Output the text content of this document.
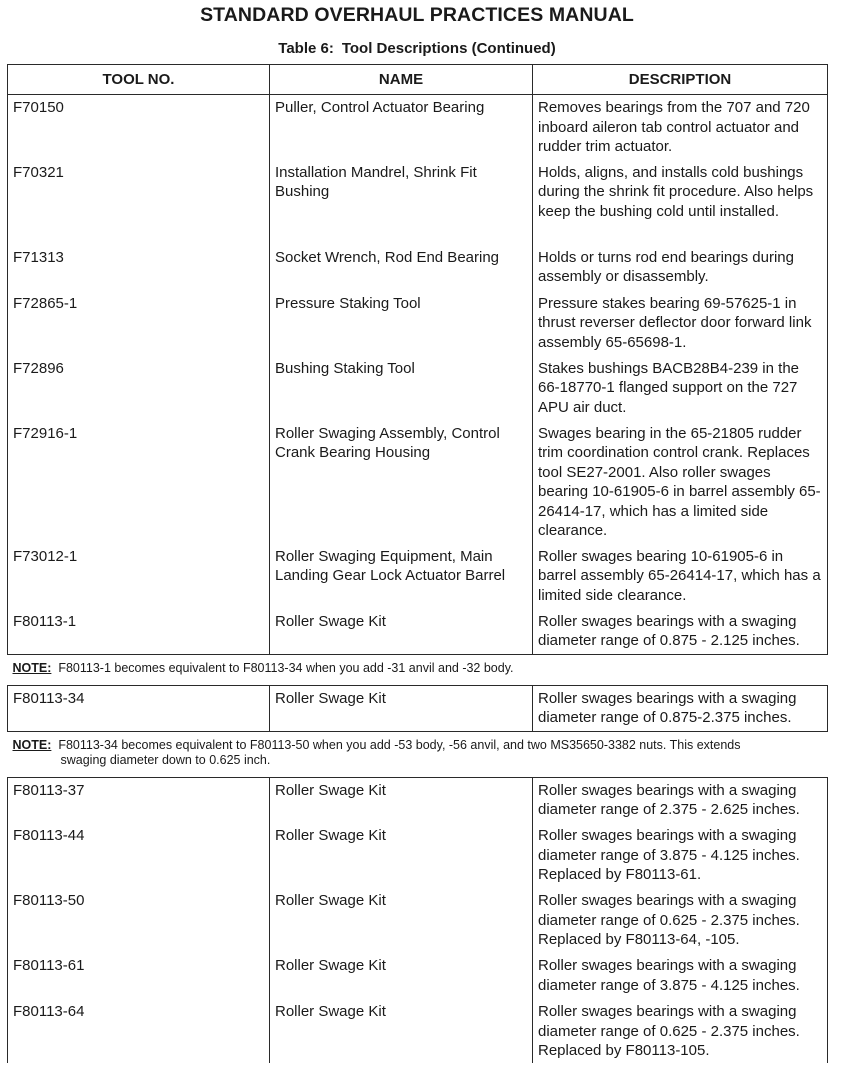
STANDARD OVERHAUL PRACTICES MANUAL
Table 6: Tool Descriptions (Continued)
TOOL NO.	NAME	DESCRIPTION
F70150	Puller, Control Actuator Bearing	Removes bearings from the 707 and 720 inboard aileron tab control actuator and rudder trim actuator.
F70321	Installation Mandrel, Shrink Fit Bushing	Holds, aligns, and installs cold bushings during the shrink fit procedure. Also helps keep the bushing cold until installed.
F71313	Socket Wrench, Rod End Bearing	Holds or turns rod end bearings during assembly or disassembly.
F72865-1	Pressure Staking Tool	Pressure stakes bearing 69-57625-1 in thrust reverser deflector door forward link assembly 65-65698-1.
F72896	Bushing Staking Tool	Stakes bushings BACB28B4-239 in the 66-18770-1 flanged support on the 727 APU air duct.
F72916-1	Roller Swaging Assembly, Control Crank Bearing Housing	Swages bearing in the 65-21805 rudder trim coordination control crank. Replaces tool SE27-2001. Also roller swages bearing 10-61905-6 in barrel assembly 65-26414-17, which has a limited side clearance.
F73012-1	Roller Swaging Equipment, Main Landing Gear Lock Actuator Barrel	Roller swages bearing 10-61905-6 in barrel assembly 65-26414-17, which has a limited side clearance.
F80113-1	Roller Swage Kit	Roller swages bearings with a swaging diameter range of 0.875 - 2.125 inches.
NOTE: F80113-1 becomes equivalent to F80113-34 when you add -31 anvil and -32 body.		
F80113-34	Roller Swage Kit	Roller swages bearings with a swaging diameter range of 0.875-2.375 inches.
NOTE: F80113-34 becomes equivalent to F80113-50 when you add -53 body, -56 anvil, and two MS35650-3382 nuts. This extends
swaging diameter down to 0.625 inch.		

F80113-37	Roller Swage Kit	Roller swages bearings with a swaging diameter range of 2.375 - 2.625 inches.
F80113-44	Roller Swage Kit	Roller swages bearings with a swaging diameter range of 3.875 - 4.125 inches. Replaced by F80113-61.
F80113-50	Roller Swage Kit	Roller swages bearings with a swaging diameter range of 0.625 - 2.375 inches. Replaced by F80113-64, -105.
F80113-61	Roller Swage Kit	Roller swages bearings with a swaging diameter range of 3.875 - 4.125 inches.
F80113-64	Roller Swage Kit	Roller swages bearings with a swaging diameter range of 0.625 - 2.375 inches. Replaced by F80113-105.
